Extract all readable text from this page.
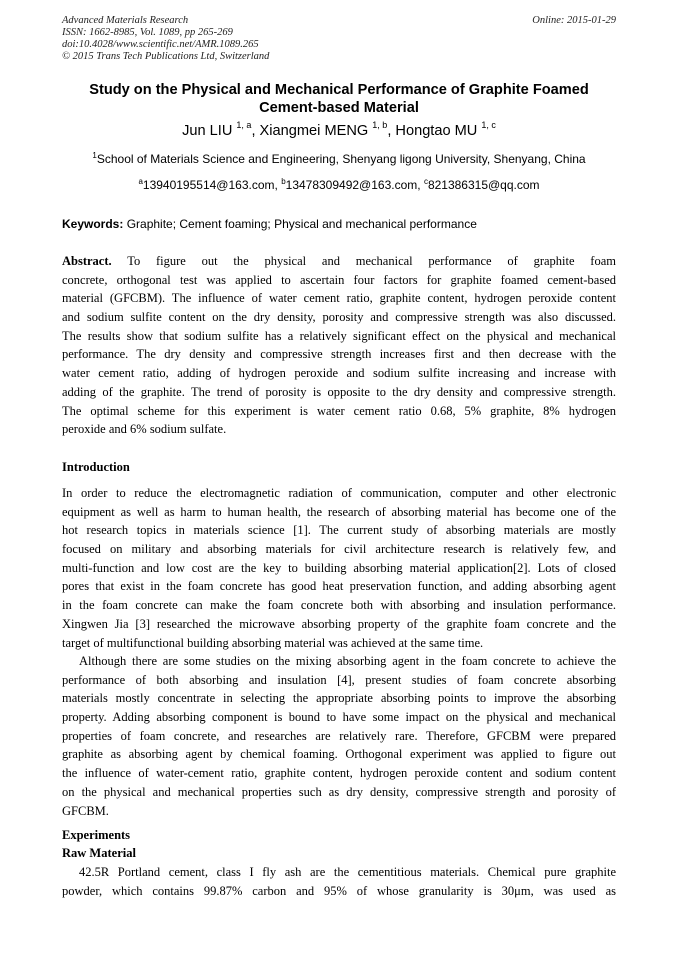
Advanced Materials Research
ISSN: 1662-8985, Vol. 1089, pp 265-269
doi:10.4028/www.scientific.net/AMR.1089.265
© 2015 Trans Tech Publications Ltd, Switzerland
Online: 2015-01-29
Study on the Physical and Mechanical Performance of Graphite Foamed
Cement-based Material
Jun LIU $^{1, a}$, Xiangmei MENG $^{1, b}$, Hongtao MU $^{1, c}$
$^1$School of Materials Science and Engineering, Shenyang ligong University, Shenyang, China
$^a$13940195514@163.com, $^b$13478309492@163.com, $^c$821386315@qq.com
Keywords: Graphite; Cement foaming; Physical and mechanical performance
Abstract. To figure out the physical and mechanical performance of graphite foam
concrete, orthogonal test was applied to ascertain four factors for graphite foamed cement-based
material (GFCBM). The influence of water cement ratio, graphite content, hydrogen peroxide content
and sodium sulfite content on the dry density, porosity and compressive strength was also discussed.
The results show that sodium sulfite has a relatively significant effect on the physical and mechanical
performance. The dry density and compressive strength increases first and then decrease with the
water cement ratio, adding of hydrogen peroxide and sodium sulfite increasing and increase with
adding of the graphite. The trend of porosity is opposite to the dry density and compressive strength.
The optimal scheme for this experiment is water cement ratio 0.68, 5% graphite, 8% hydrogen
peroxide and 6% sodium sulfate.
Introduction
In order to reduce the electromagnetic radiation of communication, computer and other electronic
equipment as well as harm to human health, the research of absorbing material has become one of the
hot research topics in materials science [1]. The current study of absorbing materials are mostly
focused on military and absorbing materials for civil architecture research is relatively few, and
multi-function and low cost are the key to building absorbing material application[2]. Lots of closed
pores that exist in the foam concrete has good heat preservation function, and adding absorbing agent
in the foam concrete can make the foam concrete both with absorbing and insulation performance.
Xingwen Jia [3] researched the microwave absorbing property of the graphite foam concrete and the
target of multifunctional building absorbing material was achieved at the same time.
Although there are some studies on the mixing absorbing agent in the foam concrete to achieve the
performance of both absorbing and insulation [4], present studies of foam concrete absorbing
materials mostly concentrate in selecting the appropriate absorbing points to improve the absorbing
property. Adding absorbing component is bound to have some impact on the physical and mechanical
properties of foam concrete, and researches are relatively rare. Therefore, GFCBM were prepared
graphite as absorbing agent by chemical foaming. Orthogonal experiment was applied to figure out
the influence of water-cement ratio, graphite content, hydrogen peroxide content and sodium content
on the physical and mechanical properties such as dry density, compressive strength and porosity of
GFCBM.
Experiments
Raw Material
42.5R Portland cement, class I fly ash are the cementitious materials. Chemical pure graphite
powder, which contains 99.87% carbon and 95% of whose granularity is 30μm, was used as
